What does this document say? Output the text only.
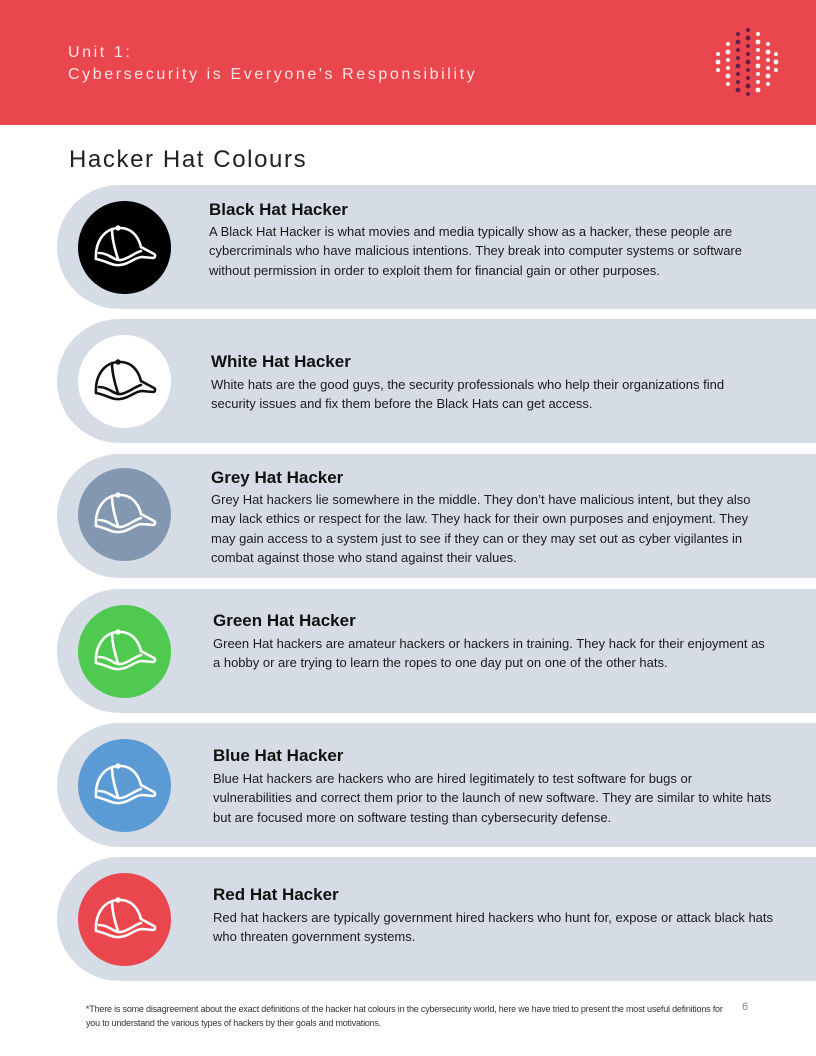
Unit 1:
Cybersecurity is Everyone's Responsibility
Hacker Hat Colours
Black Hat Hacker

A Black Hat Hacker is what movies and media typically show as a hacker, these people are cybercriminals who have malicious intentions. They break into computer systems or software without permission in order to exploit them for financial gain or other purposes.

White Hat Hacker

White hats are the good guys, the security professionals who help their organizations find security issues and fix them before the Black Hats can get access.

Grey Hat Hacker

Grey Hat hackers lie somewhere in the middle. They don’t have malicious intent, but they also may lack ethics or respect for the law. They hack for their own purposes and enjoyment. They may gain access to a system just to see if they can or they may set out as cyber vigilantes in combat against those who stand against their values.

Green Hat Hacker

Green Hat hackers are amateur hackers or hackers in training. They hack for their enjoyment as a hobby or are trying to learn the ropes to one day put on one of the other hats.

Blue Hat Hacker

Blue Hat hackers are hackers who are hired legitimately to test software for bugs or vulnerabilities and correct them prior to the launch of new software. They are similar to white hats but are focused more on software testing than cybersecurity defense.

Red Hat Hacker

Red hat hackers are typically government hired hackers who hunt for, expose or attack black hats who threaten government systems.

*There is some disagreement about the exact definitions of the hacker hat colours in the cybersecurity world, here we have tried to present the most useful definitions for you to understand the various types of hackers by their goals and motivations.

6
